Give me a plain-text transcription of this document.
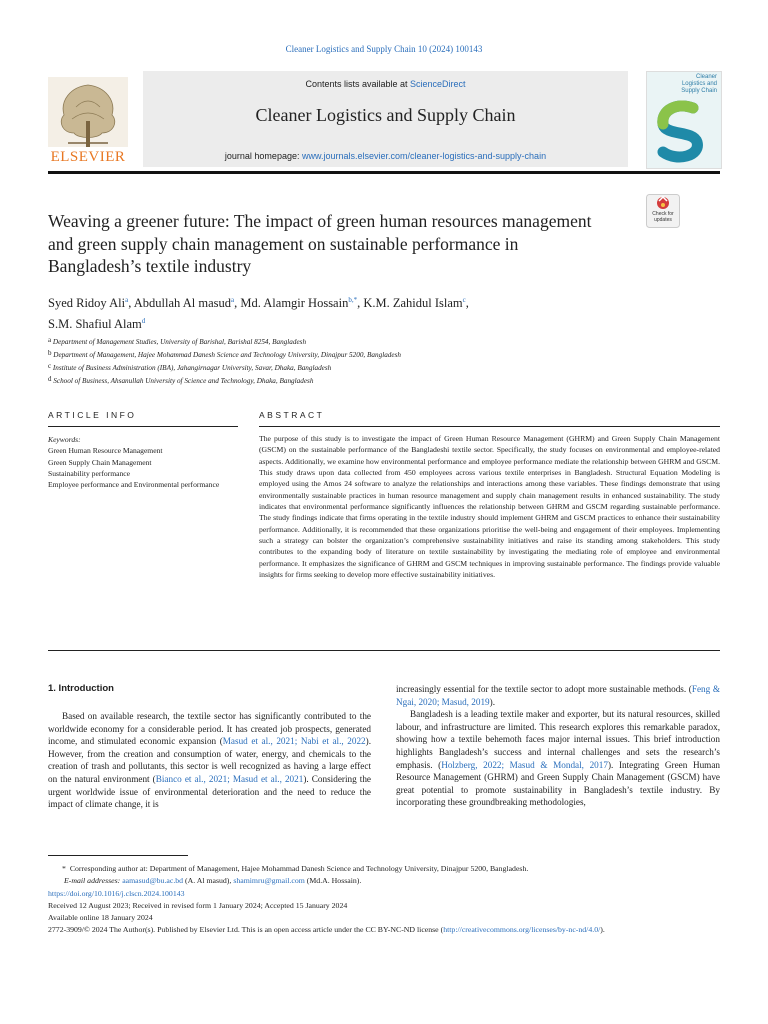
Cleaner Logistics and Supply Chain 10 (2024) 100143
ELSEVIER
Contents lists available at ScienceDirect
Cleaner Logistics and Supply Chain
journal homepage: www.journals.elsevier.com/cleaner-logistics-and-supply-chain
Cleaner
Logistics and
Supply Chain
Check for
updates
Weaving a greener future: The impact of green human resources management and green supply chain management on sustainable performance in Bangladesh’s textile industry
Syed Ridoy Ali$^a$, Abdullah Al masud$^a$, Md. Alamgir Hossain$^{b,*}$, K.M. Zahidul Islam$^c$,
S.M. Shafiul Alam$^d$
$^a$ Department of Management Studies, University of Barishal, Barishal 8254, Bangladesh
$^b$ Department of Management, Hajee Mohammad Danesh Science and Technology University, Dinajpur 5200, Bangladesh
$^c$ Institute of Business Administration (IBA), Jahangirnagar University, Savar, Dhaka, Bangladesh
$^d$ School of Business, Ahsanullah University of Science and Technology, Dhaka, Bangladesh
ARTICLE INFO	ABSTRACT
Keywords:
Green Human Resource Management
Green Supply Chain Management
Sustainability performance
Employee performance and Environmental performance
The purpose of this study is to investigate the impact of Green Human Resource Management (GHRM) and Green Supply Chain Management (GSCM) on the sustainable performance of the Bangladeshi textile sector. Specifically, the study focuses on environmental and employee-related aspects. Additionally, we examine how environmental performance and employee performance mediate the relationship between GHRM and GSCM. This study draws upon data collected from 450 employees across various textile enterprises in Bangladesh. Structural Equation Modeling is employed using the Amos 24 software to analyze the relationships and interactions among these variables. These findings demonstrate that using environmentally sustainable practices in human resource management and supply chain management results in enhanced sustainability. The study indicates that environmental performance significantly influences the relationship between GHRM and GSCM regarding sustainable performance. The study findings indicate that firms operating in the textile industry should implement GHRM and GSCM practices to enhance their sustainability performance. Additionally, it is recommended that these organizations prioritise the well-being and engagement of their employees. Implementing such a strategy can bolster the organization’s comprehensive sustainability initiatives and raise its standing among stakeholders. This study contributes to the expanding body of literature on textile sustainability by investigating the mediating role of employee and environmental performance. It emphasizes the significance of GHRM and GSCM techniques in improving sustainable performance. The findings provide valuable insights for firms seeking to develop more effective sustainability initiatives.
1. Introduction

Based on available research, the textile sector has significantly contributed to the worldwide economy for a considerable period. It has created job prospects, generated income, and stimulated economic expansion (Masud et al., 2021; Nabi et al., 2022). However, from the creation and consumption of water, energy, and chemicals to the creation of trash and pollutants, this sector is well recognized as having a large effect on the natural environment (Bianco et al., 2021; Masud et al., 2021). Considering the urgent worldwide issue of environmental deterioration and the need to reduce the impact of climate change, it is

increasingly essential for the textile sector to adopt more sustainable methods. (Feng & Ngai, 2020; Masud, 2019).

Bangladesh is a leading textile maker and exporter, but its natural resources, skilled labour, and infrastructure are limited. This research explores this remarkable paradox, showing how a textile behemoth faces major internal issues. This brief introduction highlights Bangladesh’s success and internal challenges and sets the research’s emphasis. (Holzberg, 2022; Masud & Mondal, 2017). Integrating Green Human Resource Management (GHRM) and Green Supply Chain Management (GSCM) have great potential to promote sustainability in Bangladesh’s textile industry. By incorporating these groundbreaking methodologies,

* Corresponding author at: Department of Management, Hajee Mohammad Danesh Science and Technology University, Dinajpur 5200, Bangladesh.
E-mail addresses: aamasud@bu.ac.bd (A. Al masud), shamimru@gmail.com (Md.A. Hossain).
https://doi.org/10.1016/j.clscn.2024.100143
Received 12 August 2023; Received in revised form 1 January 2024; Accepted 15 January 2024
Available online 18 January 2024
2772-3909/© 2024 The Author(s). Published by Elsevier Ltd. This is an open access article under the CC BY-NC-ND license (http://creativecommons.org/licenses/by-nc-nd/4.0/).
